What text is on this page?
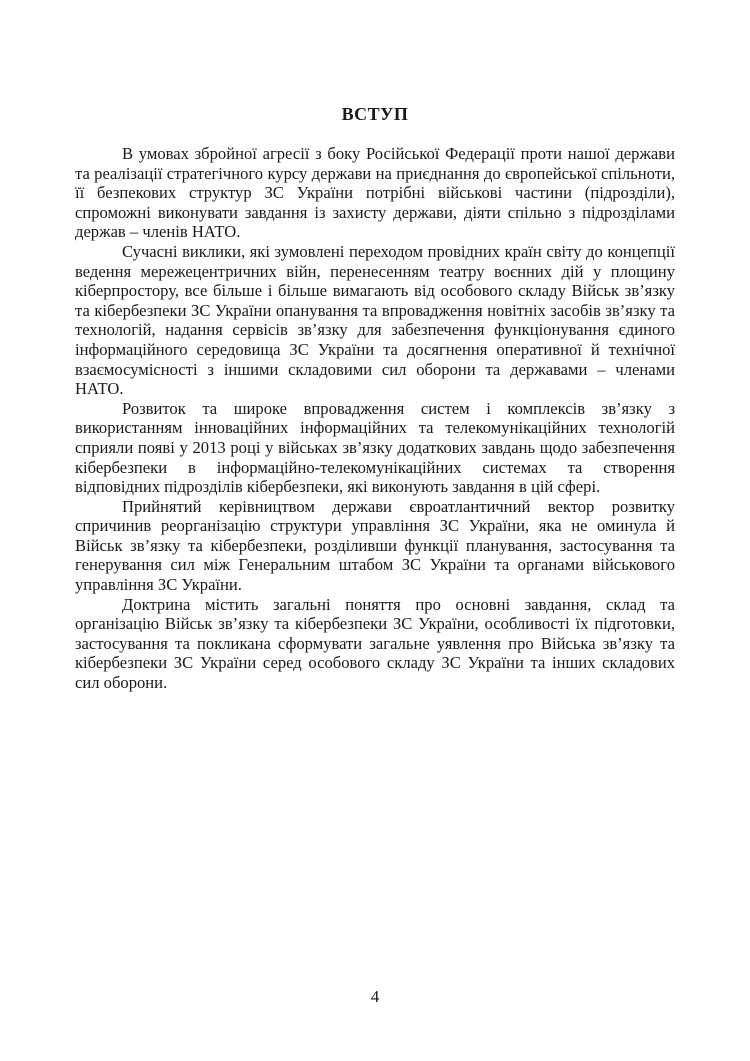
ВСТУП

В умовах збройної агресії з боку Російської Федерації проти нашої держави та реалізації стратегічного курсу держави на приєднання до європейської спільноти, її безпекових структур ЗС України потрібні військові частини (підрозділи), спроможні виконувати завдання із захисту держави, діяти спільно з підрозділами держав – членів НАТО.

Сучасні виклики, які зумовлені переходом провідних країн світу до концепції ведення мережецентричних війн, перенесенням театру воєнних дій у площину кіберпростору, все більше і більше вимагають від особового складу Військ зв’язку та кібербезпеки ЗС України опанування та впровадження новітніх засобів зв’язку та технологій, надання сервісів зв’язку для забезпечення функціонування єдиного інформаційного середовища ЗС України та досягнення оперативної й технічної взаємосумісності з іншими складовими сил оборони та державами – членами НАТО.

Розвиток та широке впровадження систем і комплексів зв’язку з використанням інноваційних інформаційних та телекомунікаційних технологій сприяли появі у 2013 році у військах зв’язку додаткових завдань щодо забезпечення кібербезпеки в інформаційно-телекомунікаційних системах та створення відповідних підрозділів кібербезпеки, які виконують завдання в цій сфері.

Прийнятий керівництвом держави євроатлантичний вектор розвитку спричинив реорганізацію структури управління ЗС України, яка не оминула й Військ зв’язку та кібербезпеки, розділивши функції планування, застосування та генерування сил між Генеральним штабом ЗС України та органами військового управління ЗС України.

Доктрина містить загальні поняття про основні завдання, склад та організацію Військ зв’язку та кібербезпеки ЗС України, особливості їх підготовки, застосування та покликана сформувати загальне уявлення про Війська зв’язку та кібербезпеки ЗС України серед особового складу ЗС України та інших складових сил оборони.

4
